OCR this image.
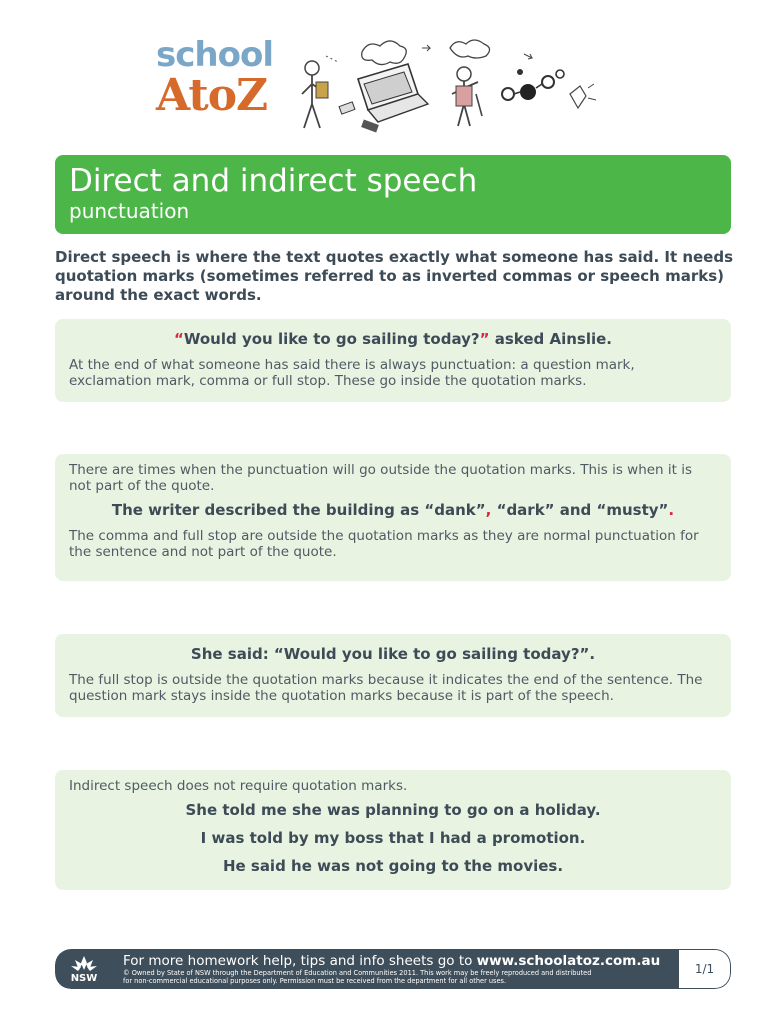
school
AtoZ
Direct and indirect speech
punctuation
Direct speech is where the text quotes exactly what someone has said. It needs quotation marks (sometimes referred to as inverted commas or speech marks) around the exact words.
“Would you like to go sailing today?” asked Ainslie.
At the end of what someone has said there is always punctuation: a question mark, exclamation mark, comma or full stop. These go inside the quotation marks.
There are times when the punctuation will go outside the quotation marks. This is when it is not part of the quote.
The writer described the building as “dank”, “dark” and “musty”.
The comma and full stop are outside the quotation marks as they are normal punctuation for the sentence and not part of the quote.
She said: “Would you like to go sailing today?”.
The full stop is outside the quotation marks because it indicates the end of the sentence. The question mark stays inside the quotation marks because it is part of the speech.
Indirect speech does not require quotation marks.
She told me she was planning to go on a holiday.
I was told by my boss that I had a promotion.
He said he was not going to the movies.
NSW
For more homework help, tips and info sheets go to www.schoolatoz.com.au
© Owned by State of NSW through the Department of Education and Communities 2011. This work may be freely reproduced and distributed
for non-commercial educational purposes only. Permission must be received from the department for all other uses.
1/1
